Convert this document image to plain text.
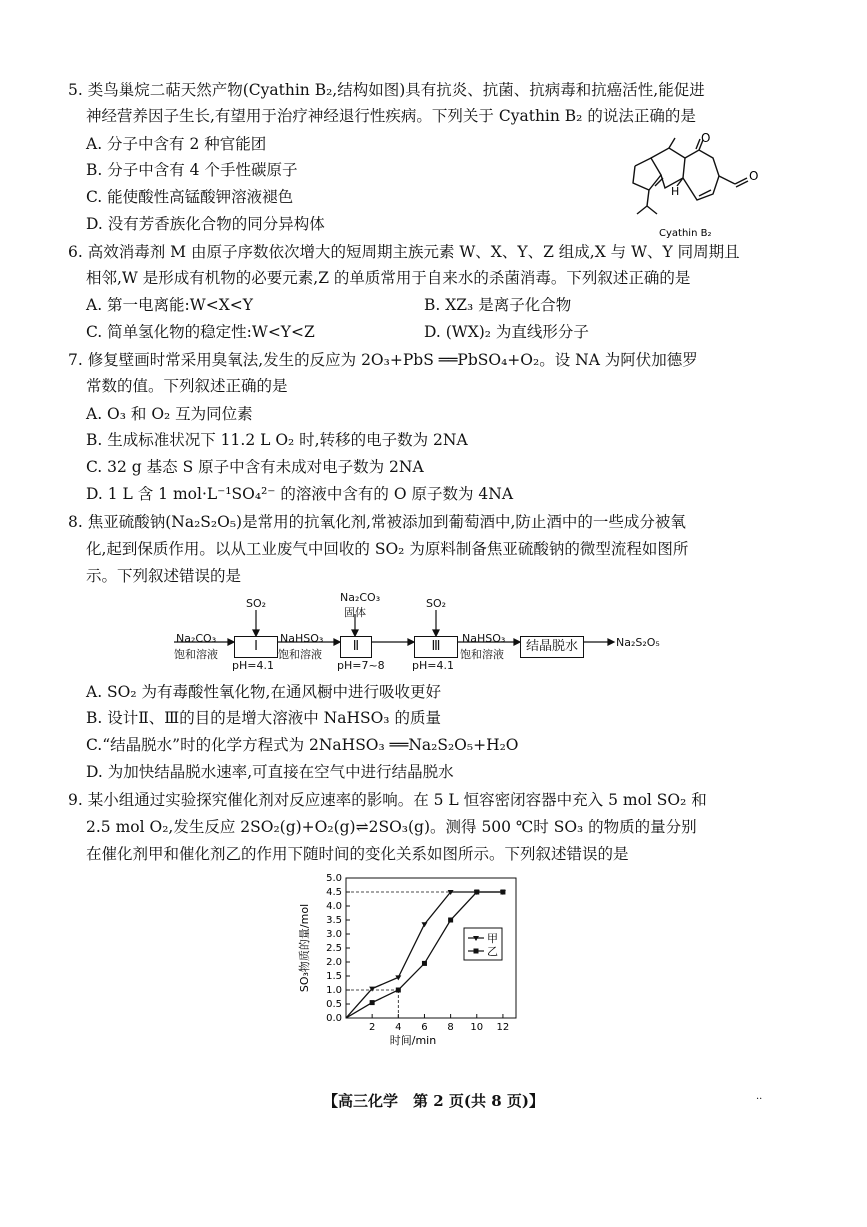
5. 类鸟巢烷二萜天然产物(Cyathin B₂,结构如图)具有抗炎、抗菌、抗病毒和抗癌活性,能促进
神经营养因子生长,有望用于治疗神经退行性疾病。下列关于 Cyathin B₂ 的说法正确的是
A. 分子中含有 2 种官能团
B. 分子中含有 4 个手性碳原子
C. 能使酸性高锰酸钾溶液褪色
D. 没有芳香族化合物的同分异构体
O
O
H
Cyathin B₂
6. 高效消毒剂 M 由原子序数依次增大的短周期主族元素 W、X、Y、Z 组成,X 与 W、Y 同周期且
相邻,W 是形成有机物的必要元素,Z 的单质常用于自来水的杀菌消毒。下列叙述正确的是
A. 第一电离能:W<X<Y	B. XZ₃ 是离子化合物
C. 简单氢化物的稳定性:W<Y<Z	D. (WX)₂ 为直线形分子
7. 修复壁画时常采用臭氧法,发生的反应为 2O₃+PbS ══PbSO₄+O₂。设 NA 为阿伏加德罗
常数的值。下列叙述正确的是
A. O₃ 和 O₂ 互为同位素
B. 生成标准状况下 11.2 L O₂ 时,转移的电子数为 2NA
C. 32 g 基态 S 原子中含有未成对电子数为 2NA
D. 1 L 含 1 mol·L⁻¹SO₄²⁻ 的溶液中含有的 O 原子数为 4NA
8. 焦亚硫酸钠(Na₂S₂O₅)是常用的抗氧化剂,常被添加到葡萄酒中,防止酒中的一些成分被氧
化,起到保质作用。以从工业废气中回收的 SO₂ 为原料制备焦亚硫酸钠的微型流程如图所
示。下列叙述错误的是
Na₂CO₃
饱和溶液
SO₂
Ⅰ
pH=4.1
NaHSO₃
饱和溶液
Na₂CO₃
固体
Ⅱ
pH=7~8
SO₂
Ⅲ
pH=4.1
NaHSO₃
饱和溶液
结晶脱水	Na₂S₂O₅
A. SO₂ 为有毒酸性氧化物,在通风橱中进行吸收更好
B. 设计Ⅱ、Ⅲ的目的是增大溶液中 NaHSO₃ 的质量
C.“结晶脱水”时的化学方程式为 2NaHSO₃ ══Na₂S₂O₅+H₂O
D. 为加快结晶脱水速率,可直接在空气中进行结晶脱水
9. 某小组通过实验探究催化剂对反应速率的影响。在 5 L 恒容密闭容器中充入 5 mol SO₂ 和
2.5 mol O₂,发生反应 2SO₂(g)+O₂(g)⇌2SO₃(g)。测得 500 ℃时 SO₃ 的物质的量分别
在催化剂甲和催化剂乙的作用下随时间的变化关系如图所示。下列叙述错误的是
0.0
0.5
1.0
1.5
2.0
2.5
3.0
3.5
4.0
4.5
5.0
2 4 6 8 10 12
甲
乙
时间/min
SO₃物质的量/mol
【高三化学　第 2 页(共 8 页)】	··
